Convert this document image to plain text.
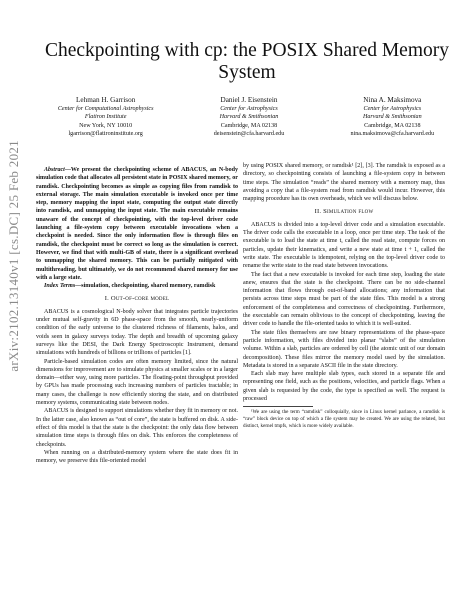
arXiv:2102.13140v1 [cs.DC] 25 Feb 2021
Checkpointing with cp: the POSIX Shared Memory System
Lehman H. Garrison
Center for Computational Astrophysics
Flatiron Institute
New York, NY 10010
lgarrison@flatironinstitute.org
Daniel J. Eisenstein
Center for Astrophysics
Harvard & Smithsonian
Cambridge, MA 02138
deisenstein@cfa.harvard.edu
Nina A. Maksimova
Center for Astrophysics
Harvard & Smithsonian
Cambridge, MA 02138
nina.maksimova@cfa.harvard.edu

Abstract—We present the checkpointing scheme of ABACUS, an N-body simulation code that allocates all persistent state in POSIX shared memory, or ramdisk. Checkpointing becomes as simple as copying files from ramdisk to external storage. The main simulation executable is invoked once per time step, memory mapping the input state, computing the output state directly into ramdisk, and unmapping the input state. The main executable remains unaware of the concept of checkpointing, with the top-level driver code launching a file-system copy between executable invocations when a checkpoint is needed. Since the only information flow is through files on ramdisk, the checkpoint must be correct so long as the simulation is correct. However, we find that with multi-GB of state, there is a significant overhead to unmapping the shared memory. This can be partially mitigated with multithreading, but ultimately, we do not recommend shared memory for use with a large state.

Index Terms—simulation, checkpointing, shared memory, ramdisk

I. Out-of-core model

ABACUS is a cosmological N-body solver that integrates particle trajectories under mutual self-gravity in 6D phase-space from the smooth, nearly-uniform condition of the early universe to the clustered richness of filaments, halos, and voids seen in galaxy surveys today. The depth and breadth of upcoming galaxy surveys like the DESI, the Dark Energy Spectroscopic Instrument, demand simulations with hundreds of billions or trillions of particles [1].

Particle-based simulation codes are often memory limited, since the natural dimensions for improvement are to simulate physics at smaller scales or in a larger domain—either way, using more particles. The floating-point throughput provided by GPUs has made processing such increasing numbers of particles tractable; in many cases, the challenge is now efficiently storing the state, and on distributed memory systems, communicating state between nodes.

ABACUS is designed to support simulations whether they fit in memory or not. In the latter case, also known as “out of core”, the state is buffered on disk. A side-effect of this model is that the state is the checkpoint: the only data flow between simulation time steps is through files on disk. This enforces the completeness of checkpoints.

When running on a distributed-memory system where the state does fit in memory, we preserve this file-oriented model

by using POSIX shared memory, or ramdisk¹ [2], [3]. The ramdisk is exposed as a directory, so checkpointing consists of launching a file-system copy in between time steps. The simulation “reads” the shared memory with a memory map, thus avoiding a copy that a file-system read from ramdisk would incur. However, this mapping procedure has its own overheads, which we will discuss below.

II. Simulation flow

ABACUS is divided into a top-level driver code and a simulation executable. The driver code calls the executable in a loop, once per time step. The task of the executable is to load the state at time t, called the read state, compute forces on particles, update their kinematics, and write a new state at time t + 1, called the write state. The executable is idempotent, relying on the top-level driver code to rename the write state to the read state between invocations.

The fact that a new executable is invoked for each time step, loading the state anew, ensures that the state is the checkpoint. There can be no side-channel information that flows through out-of-band allocations; any information that persists across time steps must be part of the state files. This model is a strong enforcement of the completeness and correctness of checkpointing. Furthermore, the executable can remain oblivious to the concept of checkpointing, leaving the driver code to handle the file-oriented tasks to which it is well-suited.

The state files themselves are raw binary representations of the phase-space particle information, with files divided into planar “slabs” of the simulation volume. Within a slab, particles are ordered by cell (the atomic unit of our domain decomposition). These files mirror the memory model used by the simulation. Metadata is stored in a separate ASCII file in the state directory.

Each slab may have multiple slab types, each stored in a separate file and representing one field, such as the positions, velocities, and particle flags. When a given slab is requested by the code, the type is specified as well. The request is processed

¹We are using the term “ramdisk” colloquially, since in Linux kernel parlance, a ramdisk is “raw” block device on top of which a file system may be created. We are using the related, but distinct, kernel tmpfs, which is more widely available.
